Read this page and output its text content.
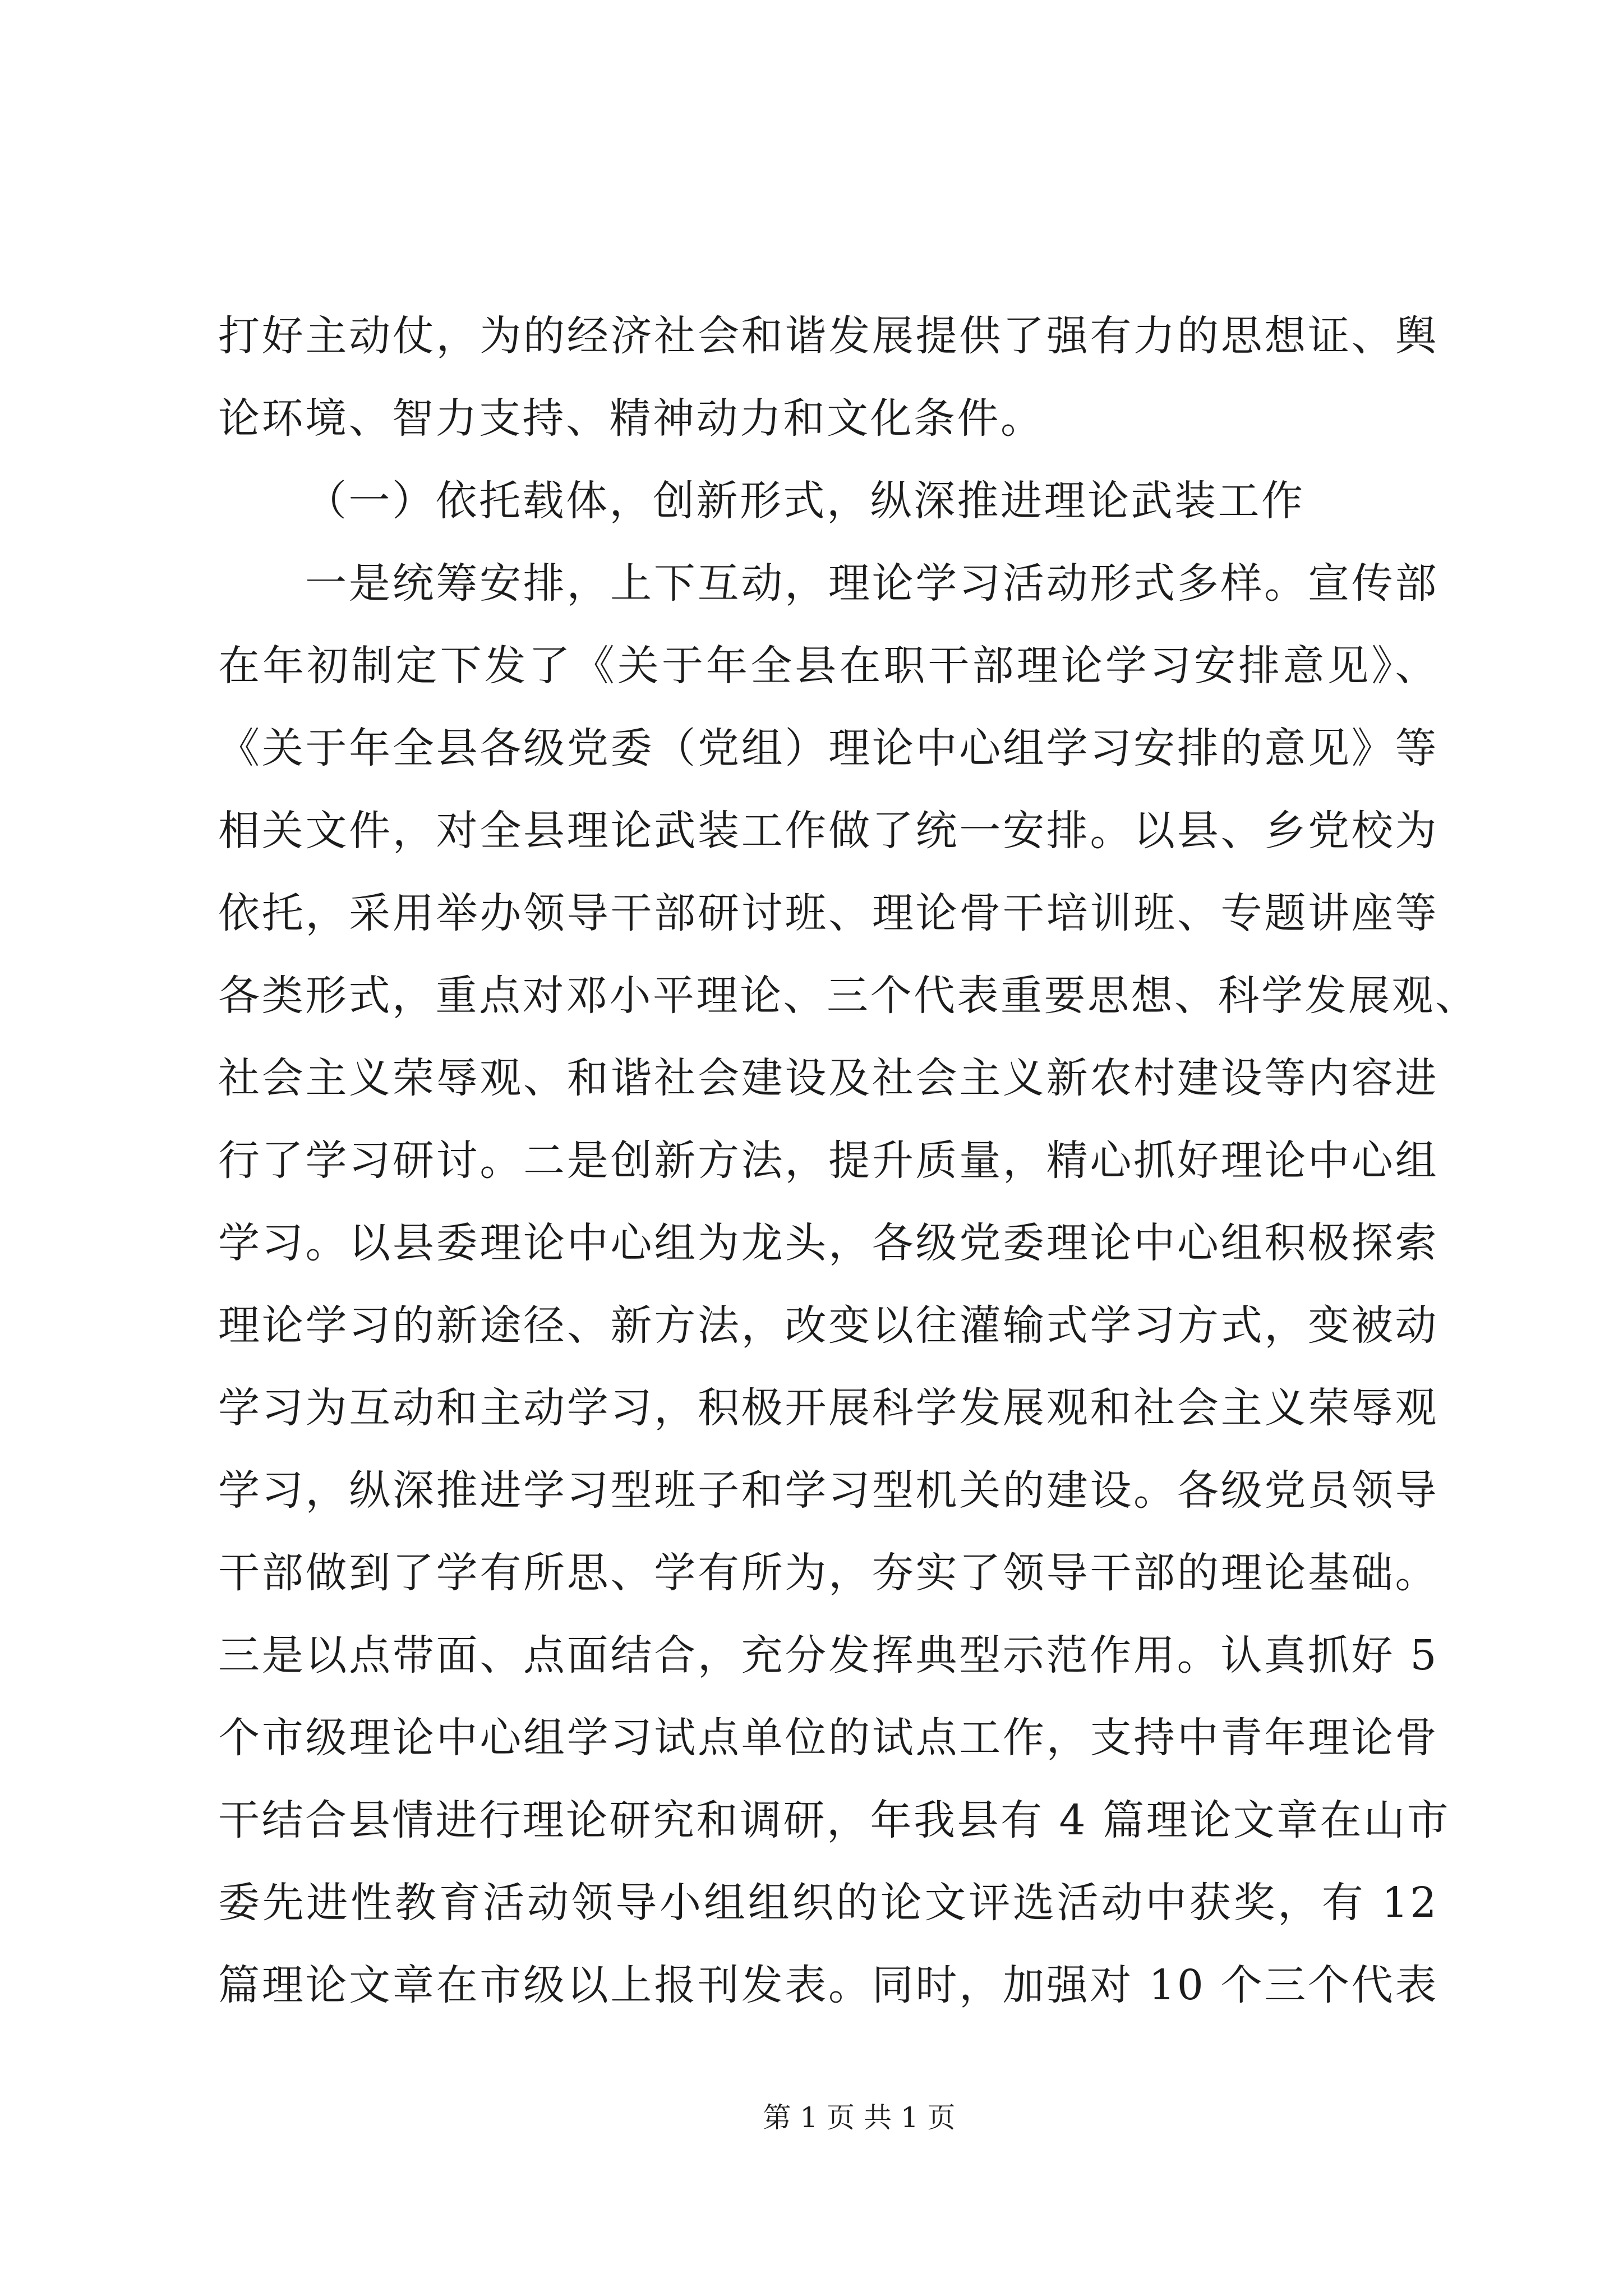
打好主动仗，为的经济社会和谐发展提供了强有力的思想证、舆
论环境、智力支持、精神动力和文化条件。
（一）依托载体，创新形式，纵深推进理论武装工作
一是统筹安排，上下互动，理论学习活动形式多样。宣传部
在年初制定下发了《关于年全县在职干部理论学习安排意见》、
《关于年全县各级党委（党组）理论中心组学习安排的意见》等
相关文件，对全县理论武装工作做了统一安排。以县、乡党校为
依托，采用举办领导干部研讨班、理论骨干培训班、专题讲座等
各类形式，重点对邓小平理论、三个代表重要思想、科学发展观、
社会主义荣辱观、和谐社会建设及社会主义新农村建设等内容进
行了学习研讨。二是创新方法，提升质量，精心抓好理论中心组
学习。以县委理论中心组为龙头，各级党委理论中心组积极探索
理论学习的新途径、新方法，改变以往灌输式学习方式，变被动
学习为互动和主动学习，积极开展科学发展观和社会主义荣辱观
学习，纵深推进学习型班子和学习型机关的建设。各级党员领导
干部做到了学有所思、学有所为，夯实了领导干部的理论基础。
三是以点带面、点面结合，充分发挥典型示范作用。认真抓好 5
个市级理论中心组学习试点单位的试点工作，支持中青年理论骨
干结合县情进行理论研究和调研，年我县有 4 篇理论文章在山市
委先进性教育活动领导小组组织的论文评选活动中获奖，有 12
篇理论文章在市级以上报刊发表。同时，加强对 10 个三个代表
第 1 页 共 1 页
